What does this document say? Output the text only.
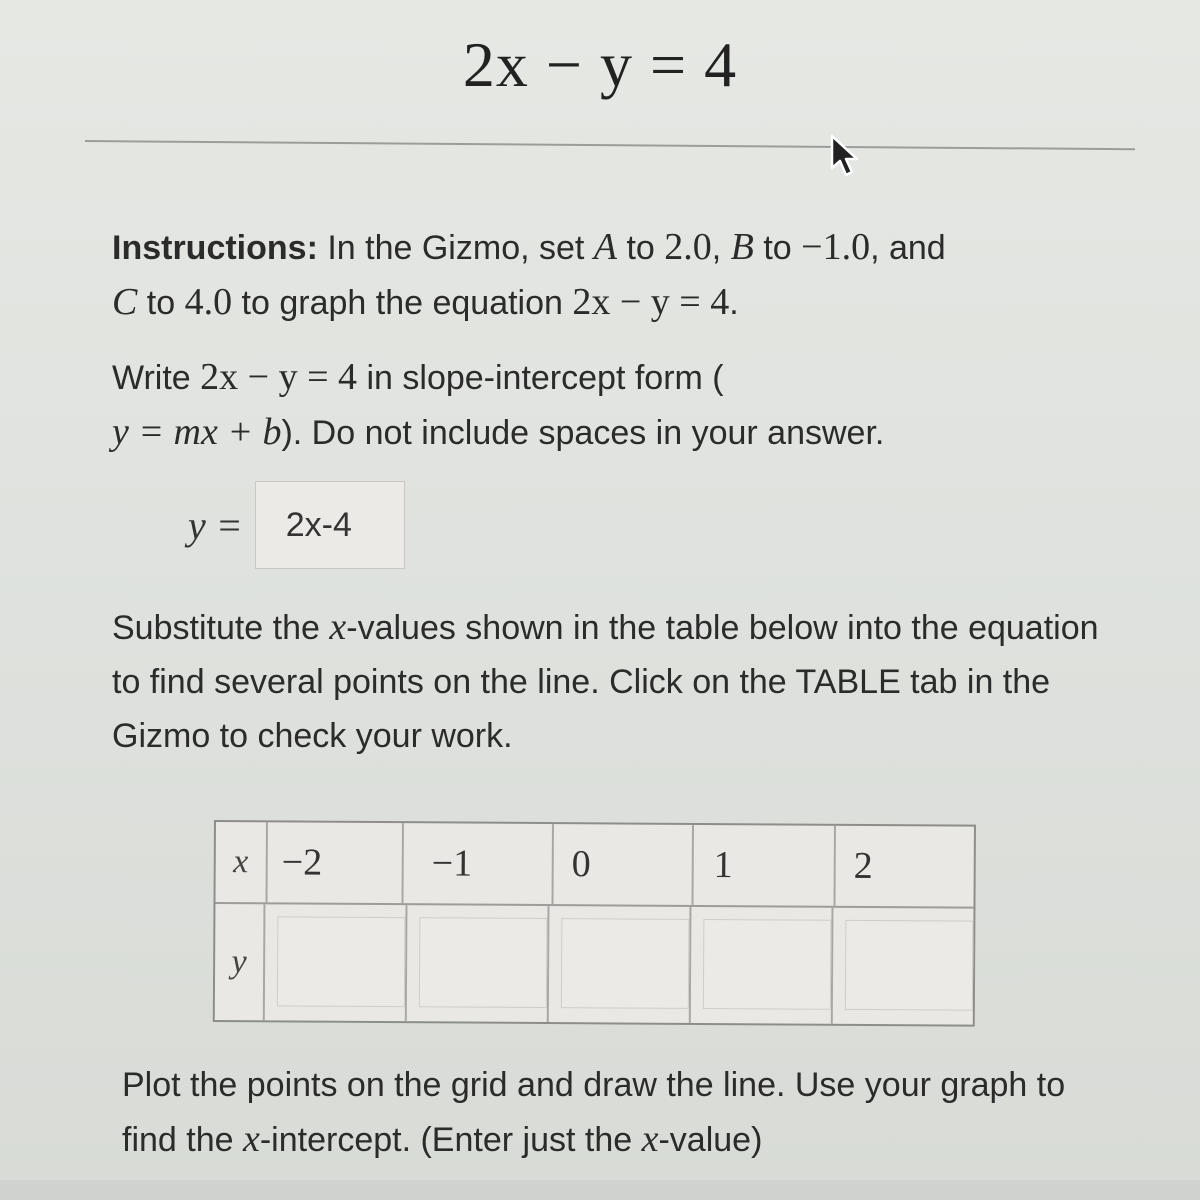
2x − y = 4
Instructions: In the Gizmo, set A to 2.0, B to −1.0, and
C to 4.0 to graph the equation 2x − y = 4.
Write 2x − y = 4 in slope-intercept form (
y = mx + b). Do not include spaces in your answer.
y = 2x-4
Substitute the x-values shown in the table below into the equation to find several points on the line. Click on the TABLE tab in the Gizmo to check your work.
x −2	−1	0	1	2
y
Plot the points on the grid and draw the line. Use your graph to find the x-intercept. (Enter just the x-value)
